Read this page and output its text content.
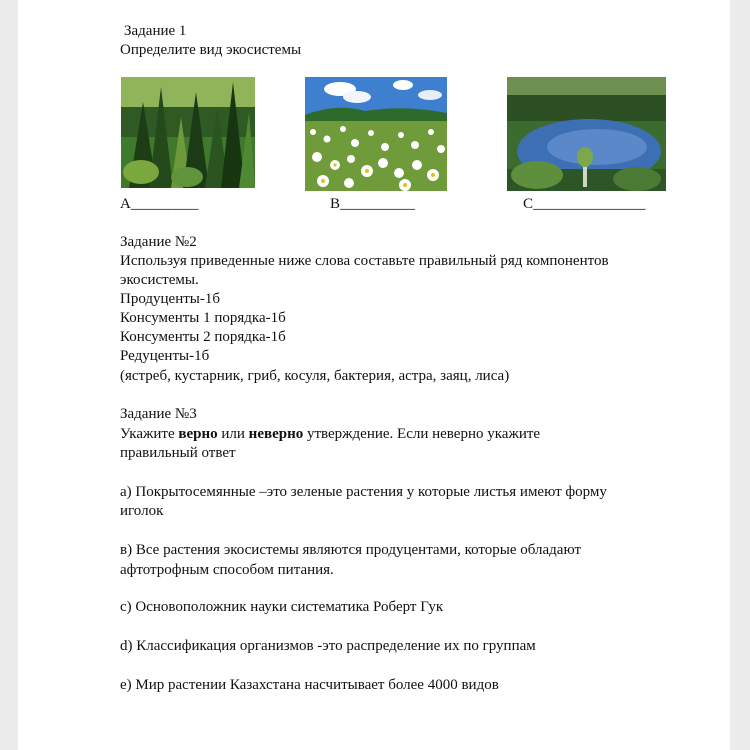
Задание 1
Определите вид экосистемы
A_________	B__________	C_______________
Задание №2
Используя приведенные ниже слова составьте правильный ряд компонентов
экосистемы.
Продуценты-1б
Консументы 1 порядка-1б
Консументы 2 порядка-1б
Редуценты-1б
(ястреб, кустарник, гриб, косуля, бактерия, астра, заяц, лиса)
Задание №3
Укажите верно или неверно утверждение. Если неверно укажите
правильный ответ
а) Покрытосемянные –это зеленые растения у которые листья имеют форму
иголок
в) Все растения экосистемы являются продуцентами, которые обладают
афтотрофным способом питания.
c) Основоположник науки систематика Роберт Гук
d) Классификация организмов -это распределение их по группам
е) Мир растении Казахстана насчитывает более 4000 видов
